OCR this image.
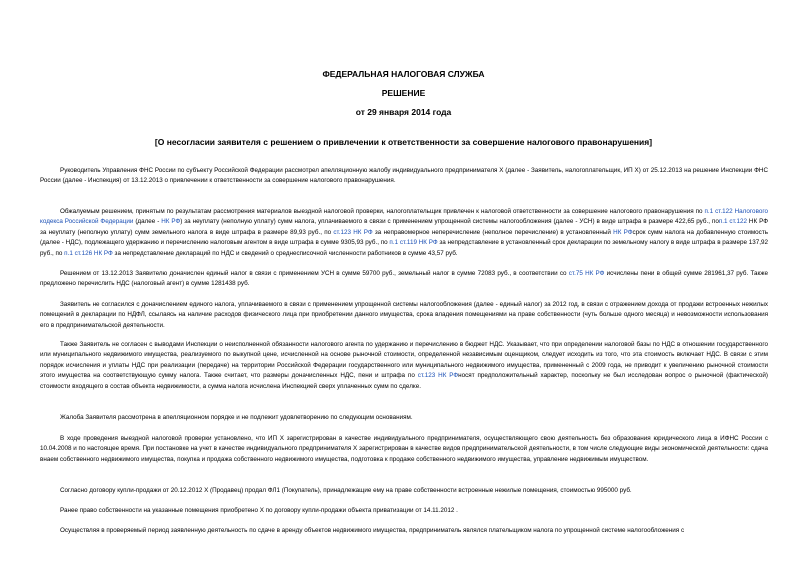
ФЕДЕРАЛЬНАЯ НАЛОГОВАЯ СЛУЖБА
РЕШЕНИЕ
от 29 января 2014 года
[О несогласии заявителя с решением о привлечении к ответственности за совершение налогового правонарушения]

Руководитель Управления ФНС России по субъекту Российской Федерации рассмотрел апелляционную жалобу индивидуального предпринимателя Х (далее - Заявитель, налогоплательщик, ИП Х) от 25.12.2013 на решение Инспекции ФНС России (далее - Инспекция) от 13.12.2013 о привлечении к ответственности за совершение налогового правонарушения.

Обжалуемым решением, принятым по результатам рассмотрения материалов выездной налоговой проверки, налогоплательщик привлечен к налоговой ответственности за совершение налогового правонарушения по п.1 ст.122 Налогового кодекса Российской Федерации (далее - НК РФ) за неуплату (неполную уплату) сумм налога, уплачиваемого в связи с применением упрощенной системы налогообложения (далее - УСН) в виде штрафа в размере 422,65 руб., поп.1 ст.122 НК РФ за неуплату (неполную уплату) сумм земельного налога в виде штрафа в размере 89,93 руб., по ст.123 НК РФ за неправомерное неперечисление (неполное перечисление) в установленный НК РФсрок сумм налога на добавленную стоимость (далее - НДС), подлежащего удержанию и перечислению налоговым агентом в виде штрафа в сумме 9305,93 руб., по п.1 ст.119 НК РФ за непредставление в установленный срок декларации по земельному налогу в виде штрафа в размере 137,92 руб., по п.1 ст.126 НК РФ за непредставление деклараций по НДС и сведений о среднесписочной численности работников в сумме 43,57 руб.

Решением от 13.12.2013 Заявителю доначислен единый налог в связи с применением УСН в сумме 59700 руб., земельный налог в сумме 72083 руб., в соответствии со ст.75 НК РФ исчислены пени в общей сумме 281961,37 руб. Также предложено перечислить НДС (налоговый агент) в сумме 1281438 руб.

Заявитель не согласился с доначислением единого налога, уплачиваемого в связи с применением упрощенной системы налогообложения (далее - единый налог) за 2012 год, в связи с отражением дохода от продажи встроенных нежилых помещений в декларации по НДФЛ, ссылаясь на наличие расходов физического лица при приобретении данного имущества, срока владения помещениями на праве собственности (чуть больше одного месяца) и невозможности использования его в предпринимательской деятельности.

Также Заявитель не согласен с выводами Инспекции о неисполненной обязанности налогового агента по удержанию и перечислению в бюджет НДС. Указывает, что при определении налоговой базы по НДС в отношении государственного или муниципального недвижимого имущества, реализуемого по выкупной цене, исчисленной на основе рыночной стоимости, определенной независимым оценщиком, следует исходить из того, что эта стоимость включает НДС. В связи с этим порядок исчисления и уплаты НДС при реализации (передаче) на территории Российской Федерации государственного или муниципального недвижимого имущества, примененный с 2009 года, не приводит к увеличению рыночной стоимости этого имущества на соответствующую сумму налога. Также считает, что размеры доначисленных НДС, пени и штрафа по ст.123 НК РФносят предположительный характер, поскольку не был исследован вопрос о рыночной (фактической) стоимости входящего в состав объекта недвижимости, а сумма налога исчислена Инспекцией сверх уплаченных сумм по сделке.

Жалоба Заявителя рассмотрена в апелляционном порядке и не подлежит удовлетворению по следующим основаниям.

В ходе проведения выездной налоговой проверки установлено, что ИП Х зарегистрирован в качестве индивидуального предпринимателя, осуществляющего свою деятельность без образования юридического лица в ИФНС России с 10.04.2008 и по настоящее время. При постановке на учет в качестве индивидуального предпринимателя Х зарегистрирован в качестве видов предпринимательской деятельности, в том числе следующие виды экономической деятельности: сдача внаем собственного недвижимого имущества, покупка и продажа собственного недвижимого имущества, подготовка к продаже собственного недвижимого имущества, управление недвижимым имуществом.

Согласно договору купли-продажи от 20.12.2012 Х (Продавец) продал ФЛ1 (Покупатель), принадлежащие ему на праве собственности встроенные нежилые помещения, стоимостью 995000 руб.

Ранее право собственности на указанные помещения приобретено Х по договору купли-продажи объекта приватизации от 14.11.2012 .

Осуществляя в проверяемый период заявленную деятельность по сдаче в аренду объектов недвижимого имущества, предприниматель являлся плательщиком налога по упрощенной системе налогообложения с
